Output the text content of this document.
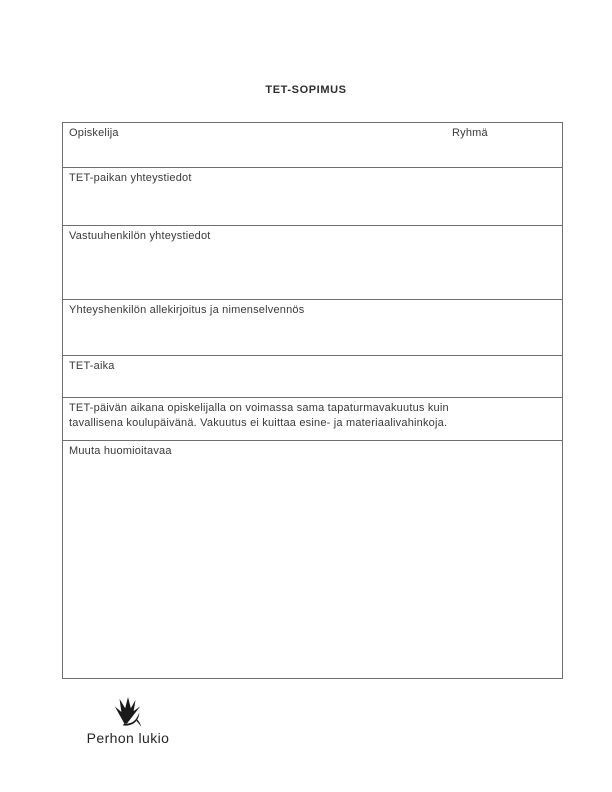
TET-SOPIMUS
Opiskelija	Ryhmä

TET-paikan yhteystiedot
Vastuuhenkilön yhteystiedot
Yhteyshenkilön allekirjoitus ja nimenselvennös
TET-aika

TET-päivän aikana opiskelijalla on voimassa sama tapaturmavakuutus kuin tavallisena koulupäivänä. Vakuutus ei kuittaa esine- ja materiaalivahinkoja.

Muuta huomioitavaa
Perhon lukio
